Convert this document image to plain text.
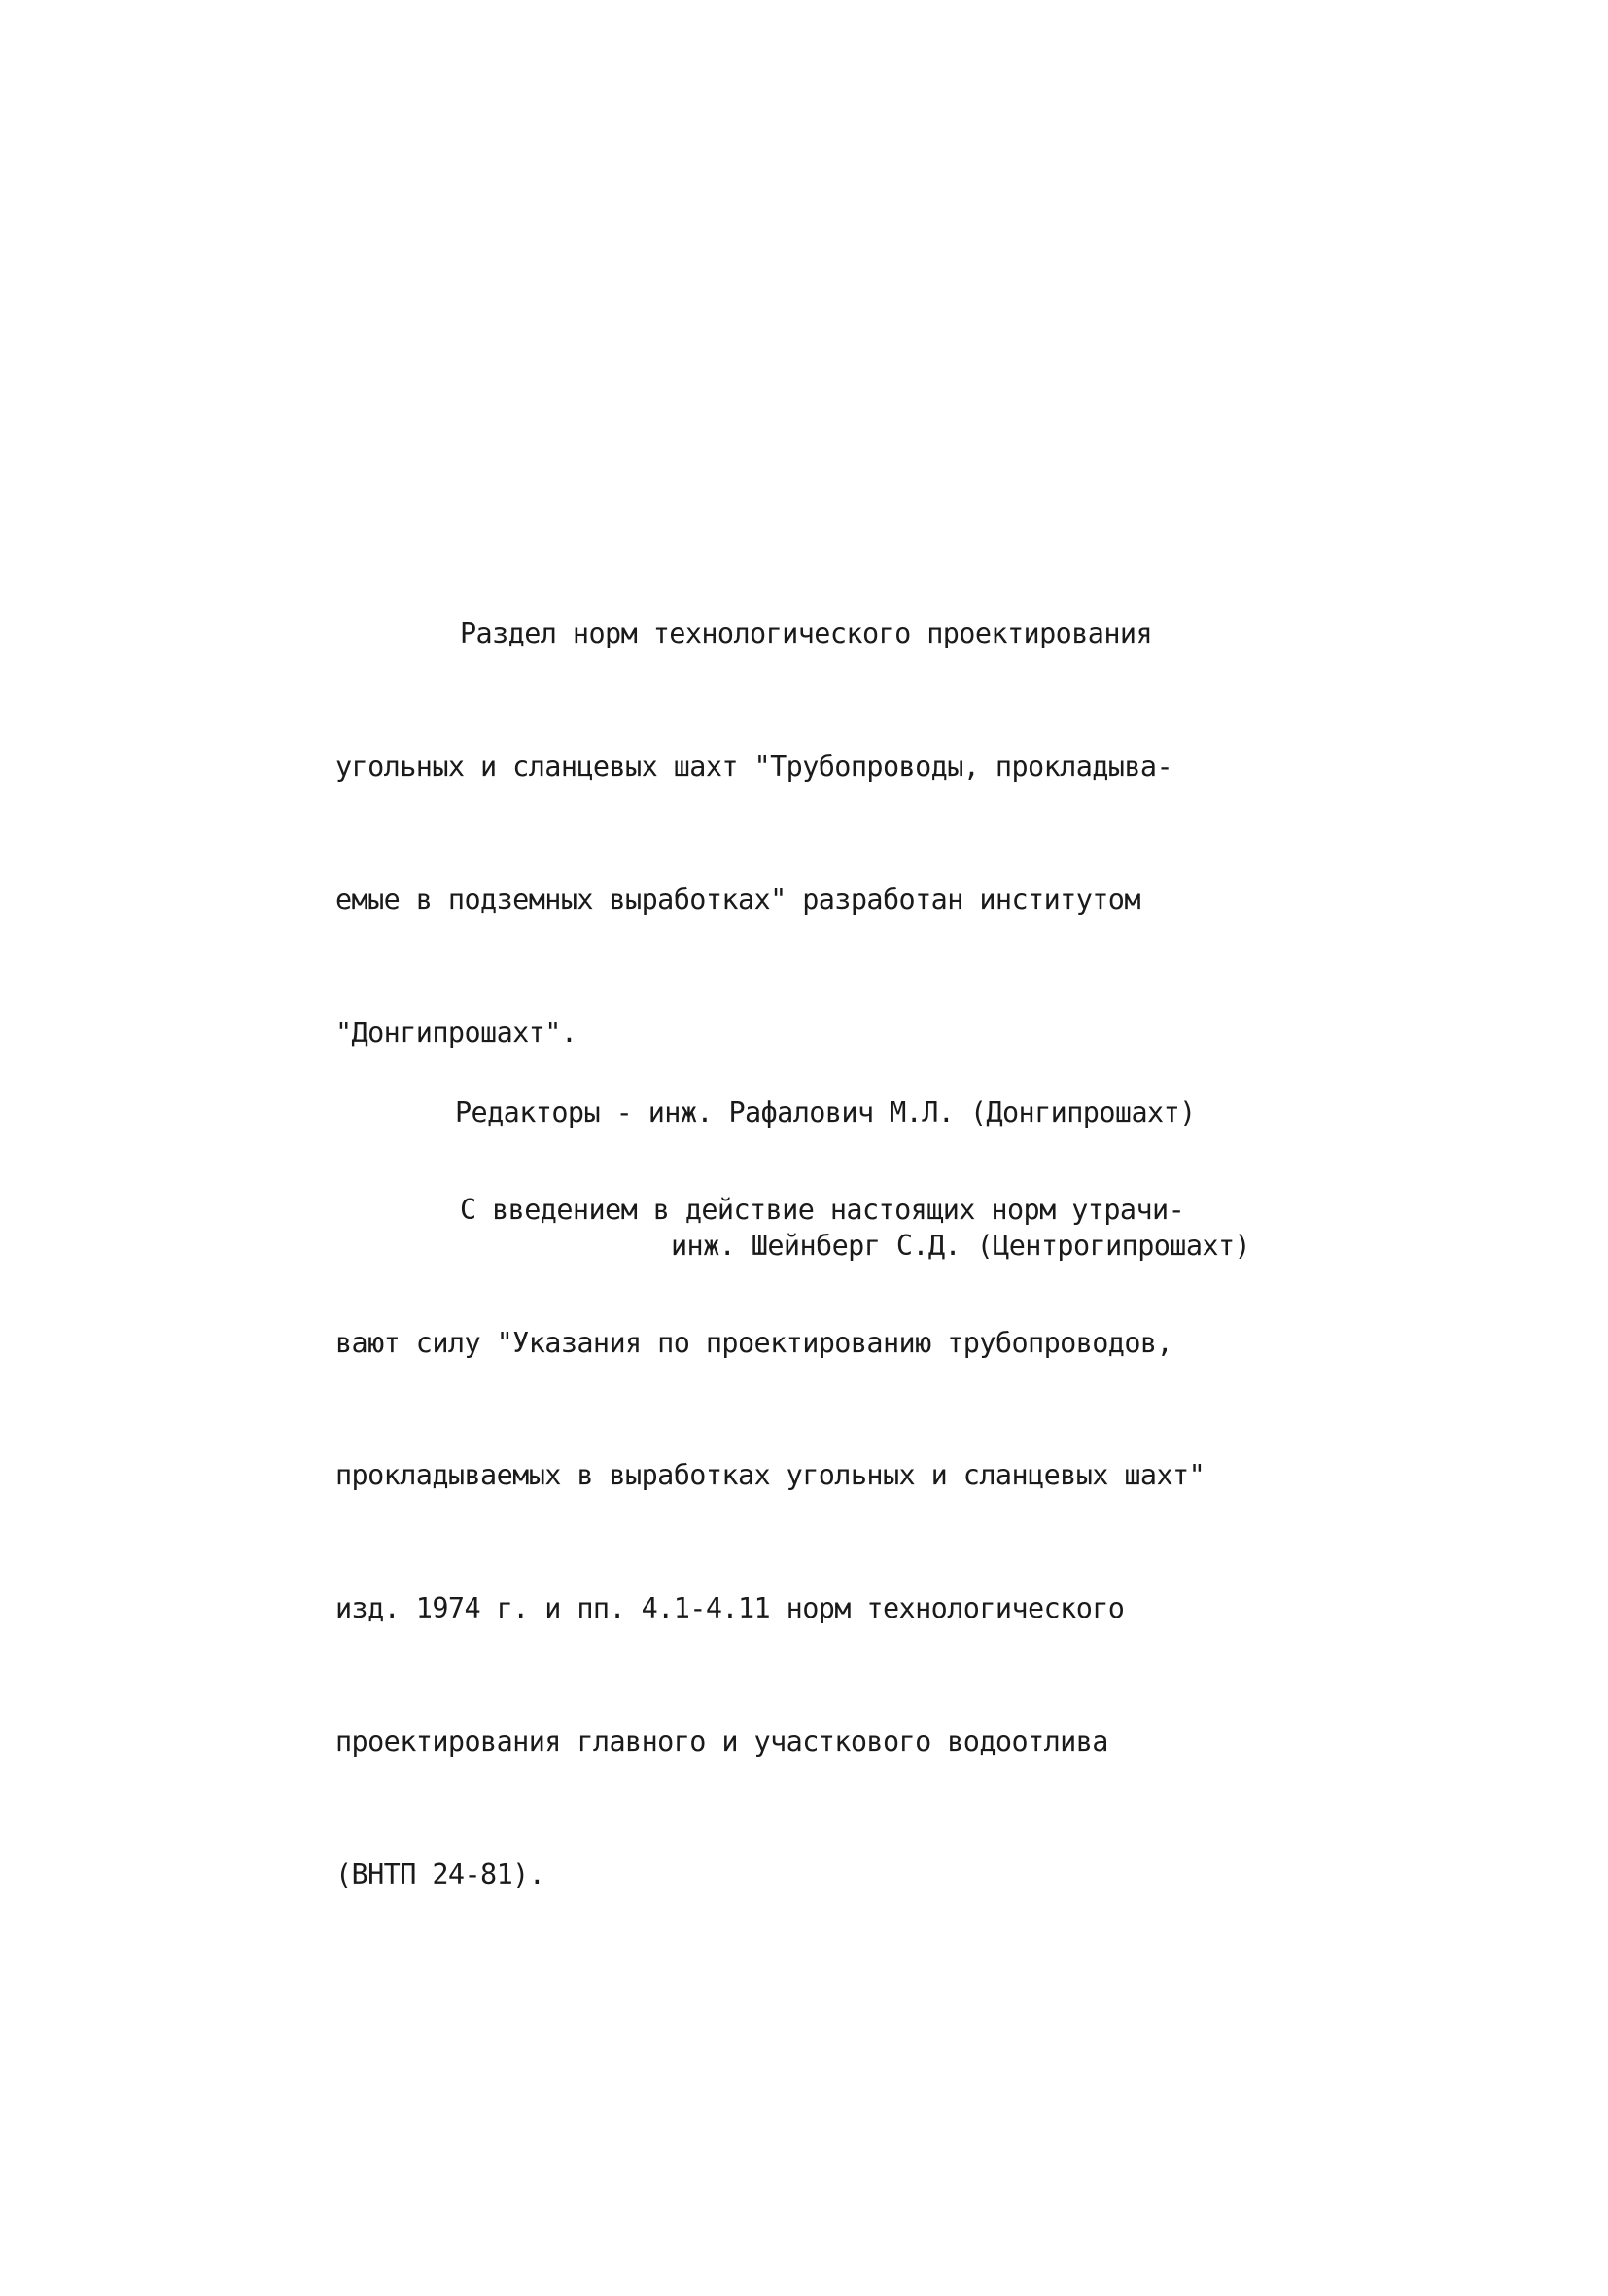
Раздел норм технологического проектирования

угольных и сланцевых шахт "Трубопроводы, прокладыва-

емые в подземных выработках" разработан институтом

"Донгипрошахт".

С введением в действие настоящих норм утрачи-

вают силу "Указания по проектированию трубопроводов,

прокладываемых в выработках угольных и сланцевых шахт"

изд. 1974 г. и пп. 4.1-4.11 норм технологического

проектирования главного и участкового водоотлива

(ВНТП 24-81).

Редакторы - инж. Рафалович М.Л. (Донгипрошахт)

инж. Шейнберг С.Д. (Центрогипрошахт)
